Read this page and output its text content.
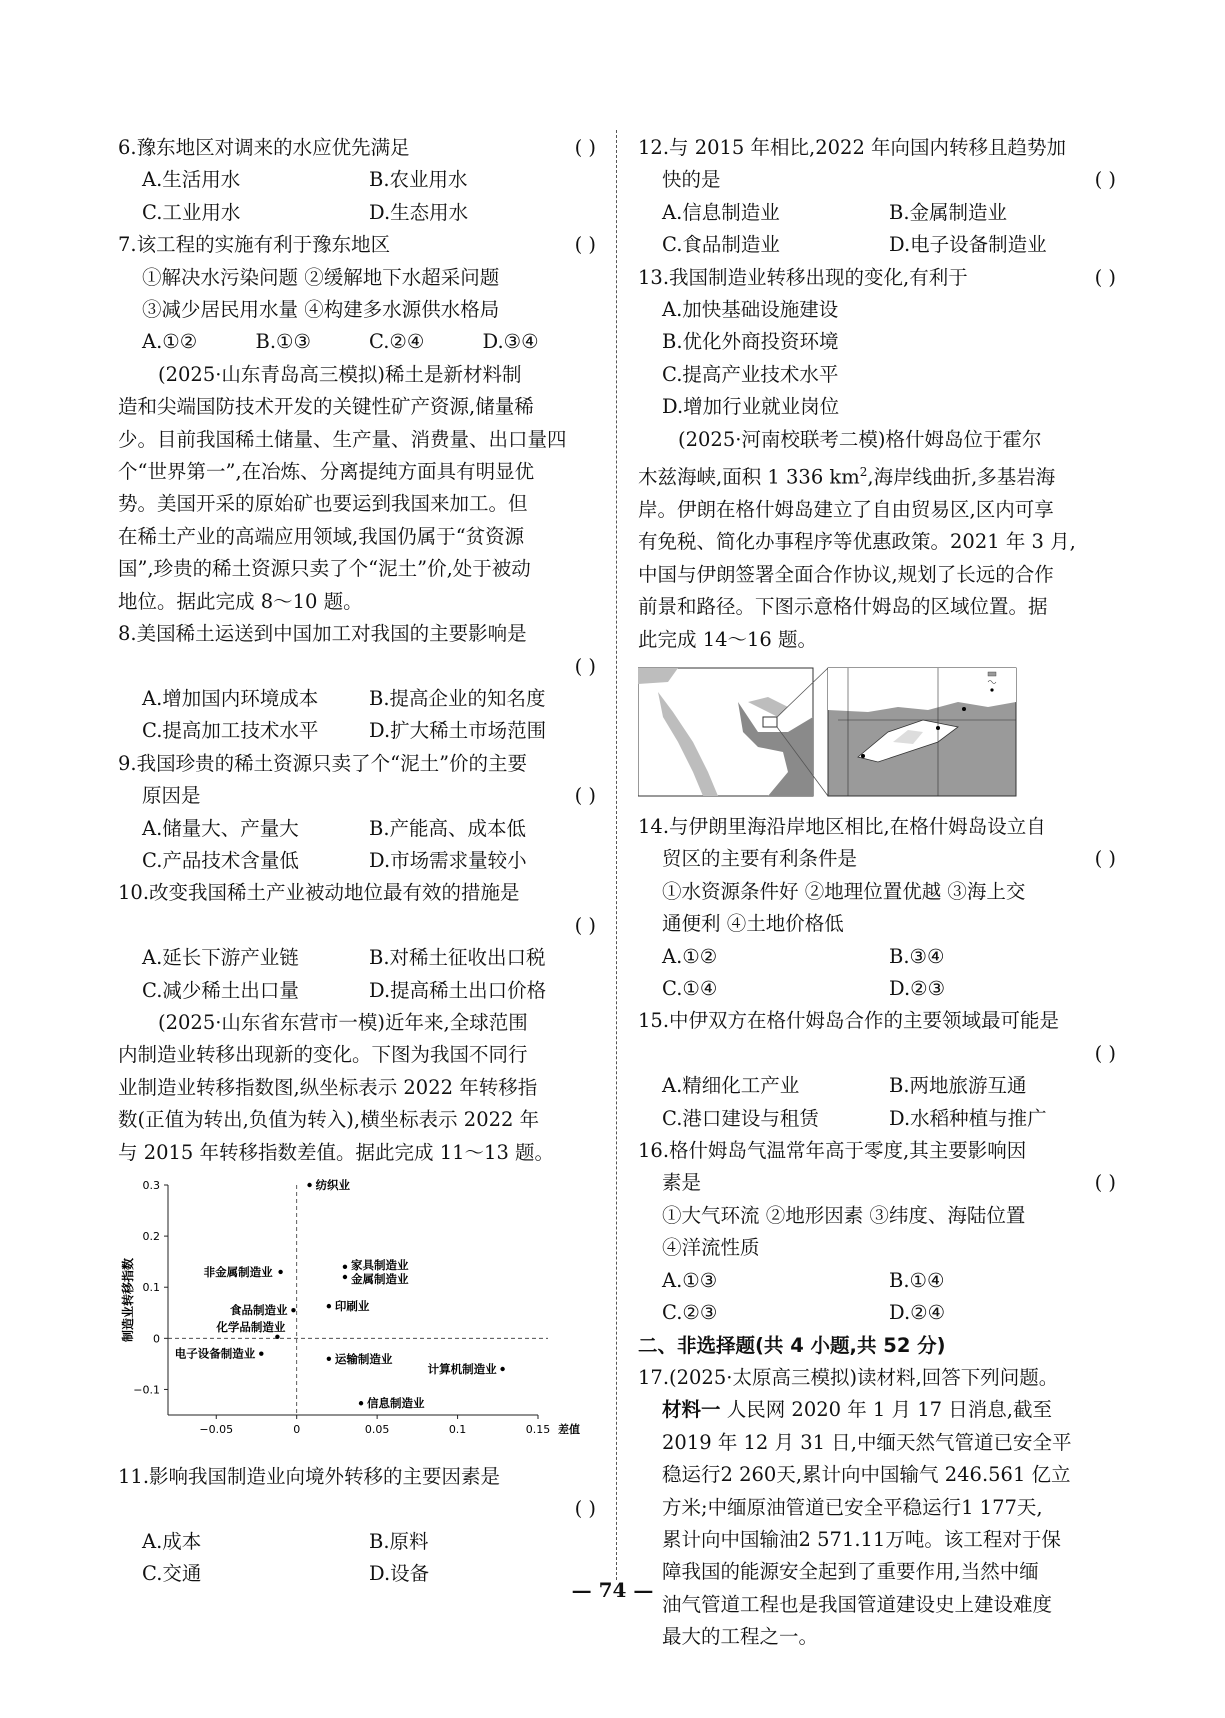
6.豫东地区对调来的水应优先满足	( )
A.生活用水	B.农业用水
C.工业用水	D.生态用水
7.该工程的实施有利于豫东地区	( )
①解决水污染问题 ②缓解地下水超采问题
③减少居民用水量 ④构建多水源供水格局
A.①②	B.①③	C.②④	D.③④
(2025·山东青岛高三模拟)稀土是新材料制
造和尖端国防技术开发的关键性矿产资源,储量稀
少。目前我国稀土储量、生产量、消费量、出口量四
个“世界第一”,在冶炼、分离提纯方面具有明显优
势。美国开采的原始矿也要运到我国来加工。但
在稀土产业的高端应用领域,我国仍属于“贫资源
国”,珍贵的稀土资源只卖了个“泥土”价,处于被动
地位。据此完成 8～10 题。
8.美国稀土运送到中国加工对我国的主要影响是
( )
A.增加国内环境成本	B.提高企业的知名度
C.提高加工技术水平	D.扩大稀土市场范围
9.我国珍贵的稀土资源只卖了个“泥土”价的主要
原因是	( )
A.储量大、产量大	B.产能高、成本低
C.产品技术含量低	D.市场需求量较小
10.改变我国稀土产业被动地位最有效的措施是
( )
A.延长下游产业链	B.对稀土征收出口税
C.减少稀土出口量	D.提高稀土出口价格
(2025·山东省东营市一模)近年来,全球范围
内制造业转移出现新的变化。下图为我国不同行
业制造业转移指数图,纵坐标表示 2022 年转移指
数(正值为转出,负值为转入),横坐标表示 2022 年
与 2015 年转移指数差值。据此完成 11～13 题。
0.3
0.2
0.1
0
−0.1
−0.05	0	0.05	0.1	0.15 差值
制造业转移指数
纺织业
家具制造业
金属制造业
非金属制造业
食品制造业	印刷业
化学品制造业
电子设备制造业	运输制造业
计算机制造业
信息制造业
11.影响我国制造业向境外转移的主要因素是
( )
A.成本	B.原料
C.交通	D.设备
12.与 2015 年相比,2022 年向国内转移且趋势加
快的是	( )
A.信息制造业	B.金属制造业
C.食品制造业	D.电子设备制造业
13.我国制造业转移出现的变化,有利于	( )
A.加快基础设施建设
B.优化外商投资环境
C.提高产业技术水平
D.增加行业就业岗位
(2025·河南校联考二模)格什姆岛位于霍尔
木兹海峡,面积 1 336 $km^2$,海岸线曲折,多基岩海
岸。伊朗在格什姆岛建立了自由贸易区,区内可享
有免税、简化办事程序等优惠政策。2021 年 3 月,
中国与伊朗签署全面合作协议,规划了长远的合作
前景和路径。下图示意格什姆岛的区域位置。据
此完成 14～16 题。
14.与伊朗里海沿岸地区相比,在格什姆岛设立自
贸区的主要有利条件是	( )
①水资源条件好 ②地理位置优越 ③海上交
通便利 ④土地价格低
A.①②	B.③④
C.①④	D.②③
15.中伊双方在格什姆岛合作的主要领域最可能是
( )
A.精细化工产业	B.两地旅游互通
C.港口建设与租赁	D.水稻种植与推广
16.格什姆岛气温常年高于零度,其主要影响因
素是	( )
①大气环流 ②地形因素 ③纬度、海陆位置
④洋流性质
A.①③	B.①④
C.②③	D.②④
二、非选择题(共 4 小题,共 52 分)
17.(2025·太原高三模拟)读材料,回答下列问题。
材料一 人民网 2020 年 1 月 17 日消息,截至
2019 年 12 月 31 日,中缅天然气管道已安全平
稳运行2 260天,累计向中国输气 246.561 亿立
方米;中缅原油管道已安全平稳运行1 177天,
累计向中国输油2 571.11万吨。该工程对于保
障我国的能源安全起到了重要作用,当然中缅
油气管道工程也是我国管道建设史上建设难度
最大的工程之一。
— 74 —
